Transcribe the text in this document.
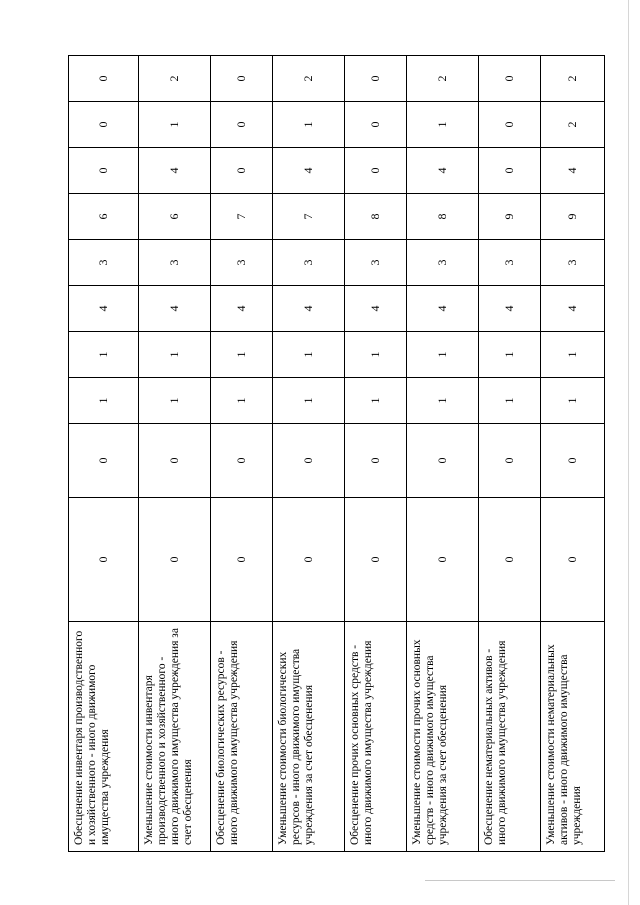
Обесценение инвентаря производственного и хозяйственного - иного движимого имущества учреждения	0	0	1	1	4	3	6	0	0	0
Уменьшение стоимости инвентаря производственного и хозяйственного - иного движимого имущества учреждения за счет обесценения	0	0	1	1	4	3	6	4	1	2
Обесценение биологических ресурсов - иного движимого имущества учреждения	0	0	1	1	4	3	7	0	0	0
Уменьшение стоимости биологических ресурсов - иного движимого имущества учреждения за счет обесценения	0	0	1	1	4	3	7	4	1	2
Обесценение прочих основных средств - иного движимого имущества учреждения	0	0	1	1	4	3	8	0	0	0
Уменьшение стоимости прочих основных средств - иного движимого имущества учреждения за счет обесценения	0	0	1	1	4	3	8	4	1	2
Обесценение нематериальных активов - иного движимого имущества учреждения	0	0	1	1	4	3	9	0	0	0
Уменьшение стоимости нематериальных активов - иного движимого имущества учреждения	0	0	1	1	4	3	9	4	2	2
